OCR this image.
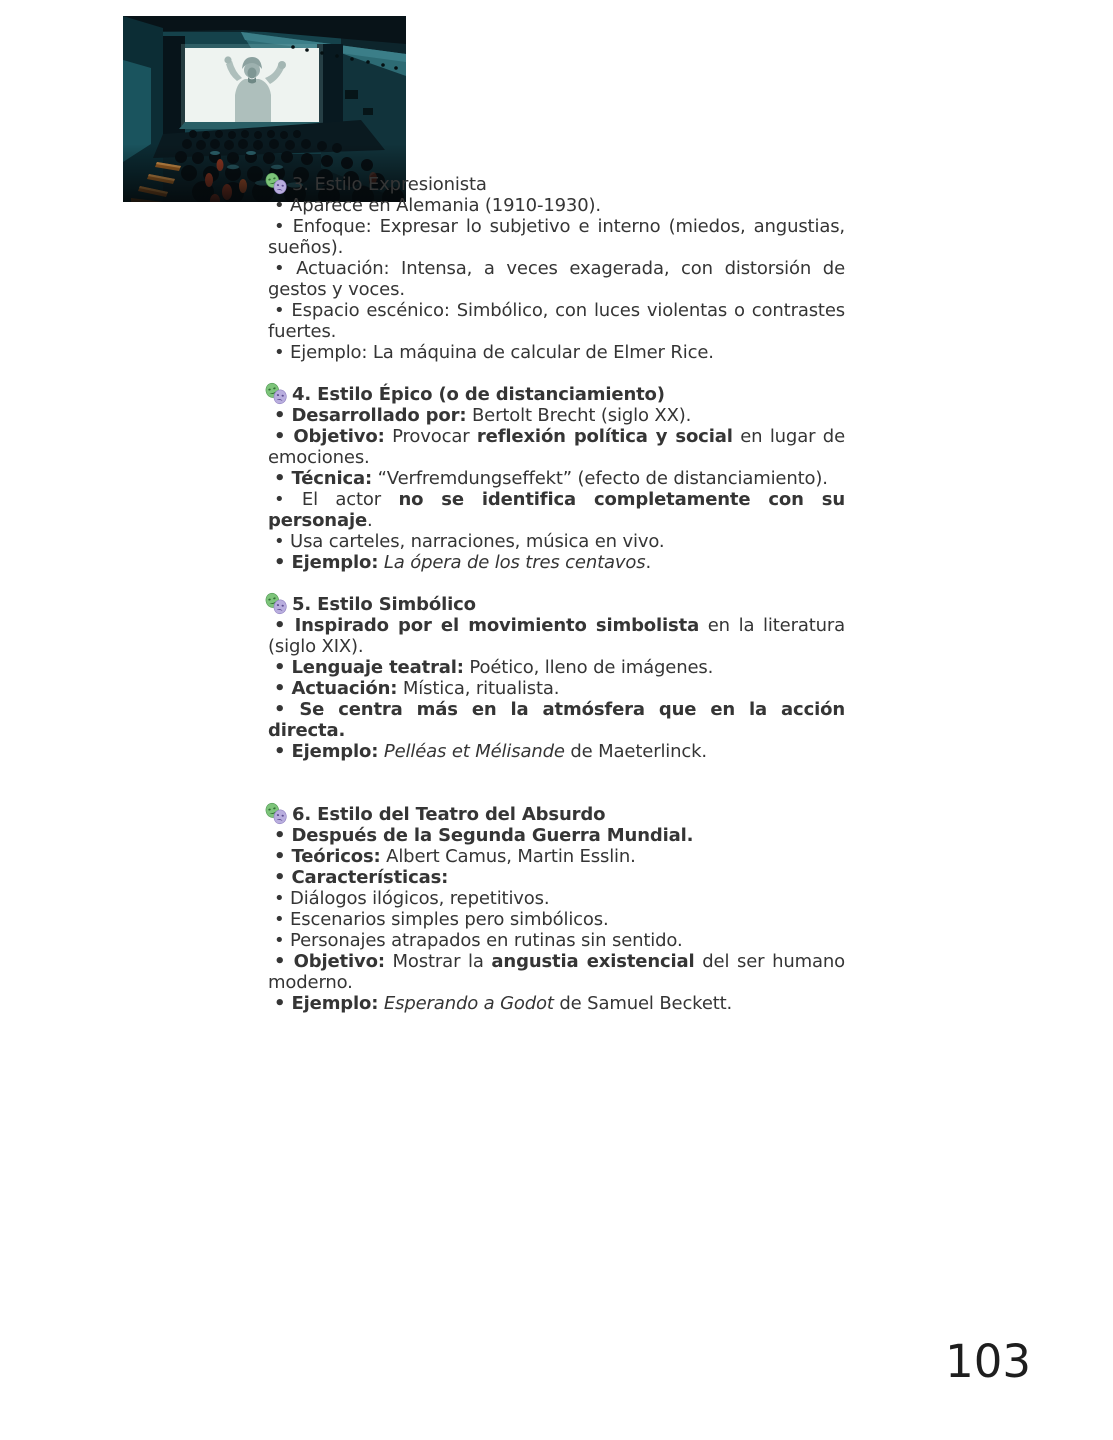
3. Estilo Expresionista

• Aparece en Alemania (1910-1930).

• Enfoque: Expresar lo subjetivo e interno (miedos, angustias, sueños).

• Actuación: Intensa, a veces exagerada, con distorsión de gestos y voces.

• Espacio escénico: Simbólico, con luces violentas o contrastes fuertes.

• Ejemplo: La máquina de calcular de Elmer Rice.

4. Estilo Épico (o de distanciamiento)

• Desarrollado por: Bertolt Brecht (siglo XX).

• Objetivo: Provocar reflexión política y social en lugar de emociones.

• Técnica: “Verfremdungseffekt” (efecto de distanciamiento).

• El actor no se identifica completamente con su personaje.

• Usa carteles, narraciones, música en vivo.

• Ejemplo: La ópera de los tres centavos.

5. Estilo Simbólico

• Inspirado por el movimiento simbolista en la literatura (siglo XIX).

• Lenguaje teatral: Poético, lleno de imágenes.

• Actuación: Mística, ritualista.

• Se centra más en la atmósfera que en la acción directa.

• Ejemplo: Pelléas et Mélisande de Maeterlinck.

6. Estilo del Teatro del Absurdo

• Después de la Segunda Guerra Mundial.

• Teóricos: Albert Camus, Martin Esslin.

• Características:

• Diálogos ilógicos, repetitivos.

• Escenarios simples pero simbólicos.

• Personajes atrapados en rutinas sin sentido.

• Objetivo: Mostrar la angustia existencial del ser humano moderno.

• Ejemplo: Esperando a Godot de Samuel Beckett.

103
